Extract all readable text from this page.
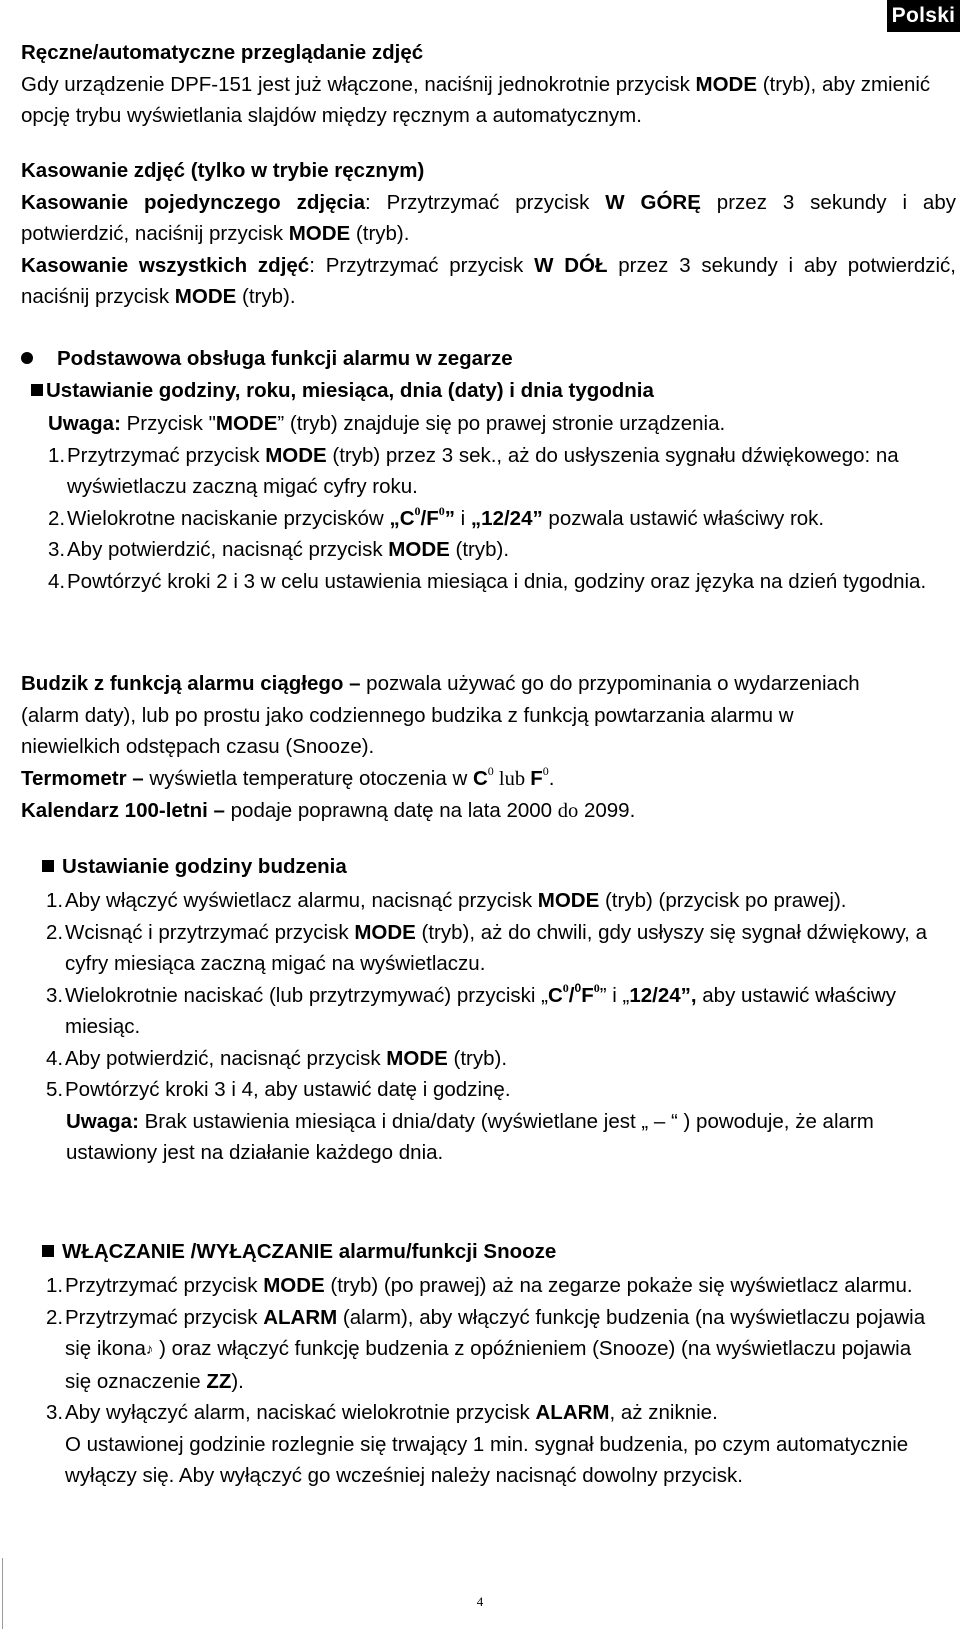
Polski

Ręczne/automatyczne przeglądanie zdjęć

Gdy urządzenie DPF-151 jest już włączone, naciśnij jednokrotnie przycisk MODE (tryb), aby zmienić opcję trybu wyświetlania slajdów między ręcznym a automatycznym.

Kasowanie zdjęć (tylko w trybie ręcznym)

Kasowanie pojedynczego zdjęcia: Przytrzymać przycisk W GÓRĘ przez 3 sekundy i aby potwierdzić, naciśnij przycisk MODE (tryb).

Kasowanie wszystkich zdjęć: Przytrzymać przycisk W DÓŁ przez 3 sekundy i aby potwierdzić, naciśnij przycisk MODE (tryb).

Podstawowa obsługa funkcji alarmu w zegarze
Ustawianie godziny, roku, miesiąca, dnia (daty) i dnia tygodnia

Uwaga: Przycisk "MODE” (tryb) znajduje się po prawej stronie urządzenia.

1. Przytrzymać przycisk MODE (tryb) przez 3 sek., aż do usłyszenia sygnału dźwiękowego: na wyświetlaczu zaczną migać cyfry roku.
2. Wielokrotne naciskanie przycisków $„C^0/F^0$” i „12/24” pozwala ustawić właściwy rok.
3. Aby potwierdzić, nacisnąć przycisk MODE (tryb).
4. Powtórzyć kroki 2 i 3 w celu ustawienia miesiąca i dnia, godziny oraz języka na dzień tygodnia.

Budzik z funkcją alarmu ciągłego – pozwala używać go do przypominania o wydarzeniach (alarm daty), lub po prostu jako codziennego budzika z funkcją powtarzania alarmu w niewielkich odstępach czasu (Snooze).

Termometr – wyświetla temperaturę otoczenia w $C^0$ lub $F^0$.

Kalendarz 100-letni – podaje poprawną datę na lata 2000 do 2099.

Ustawianie godziny budzenia
1. Aby włączyć wyświetlacz alarmu, nacisnąć przycisk MODE (tryb) (przycisk po prawej).
2. Wcisnąć i przytrzymać przycisk MODE (tryb), aż do chwili, gdy usłyszy się sygnał dźwiękowy, a cyfry miesiąca zaczną migać na wyświetlaczu.
3. Wielokrotnie naciskać (lub przytrzymywać) przyciski $„C^0/^0F^0$” i „12/24”, aby ustawić właściwy miesiąc.
4. Aby potwierdzić, nacisnąć przycisk MODE (tryb).
5. Powtórzyć kroki 3 i 4, aby ustawić datę i godzinę.

Uwaga: Brak ustawienia miesiąca i dnia/daty (wyświetlane jest „ – “ ) powoduje, że alarm ustawiony jest na działanie każdego dnia.

WŁĄCZANIE /WYŁĄCZANIE alarmu/funkcji Snooze
1. Przytrzymać przycisk MODE (tryb) (po prawej) aż na zegarze pokaże się wyświetlacz alarmu.
2. Przytrzymać przycisk ALARM (alarm), aby włączyć funkcję budzenia (na wyświetlaczu pojawia się ikona♪ ) oraz włączyć funkcję budzenia z opóźnieniem (Snooze) (na wyświetlaczu pojawia się oznaczenie ZZ).
3. Aby wyłączyć alarm, naciskać wielokrotnie przycisk ALARM, aż zniknie.
O ustawionej godzinie rozlegnie się trwający 1 min. sygnał budzenia, po czym automatycznie wyłączy się. Aby wyłączyć go wcześniej należy nacisnąć dowolny przycisk.
4
